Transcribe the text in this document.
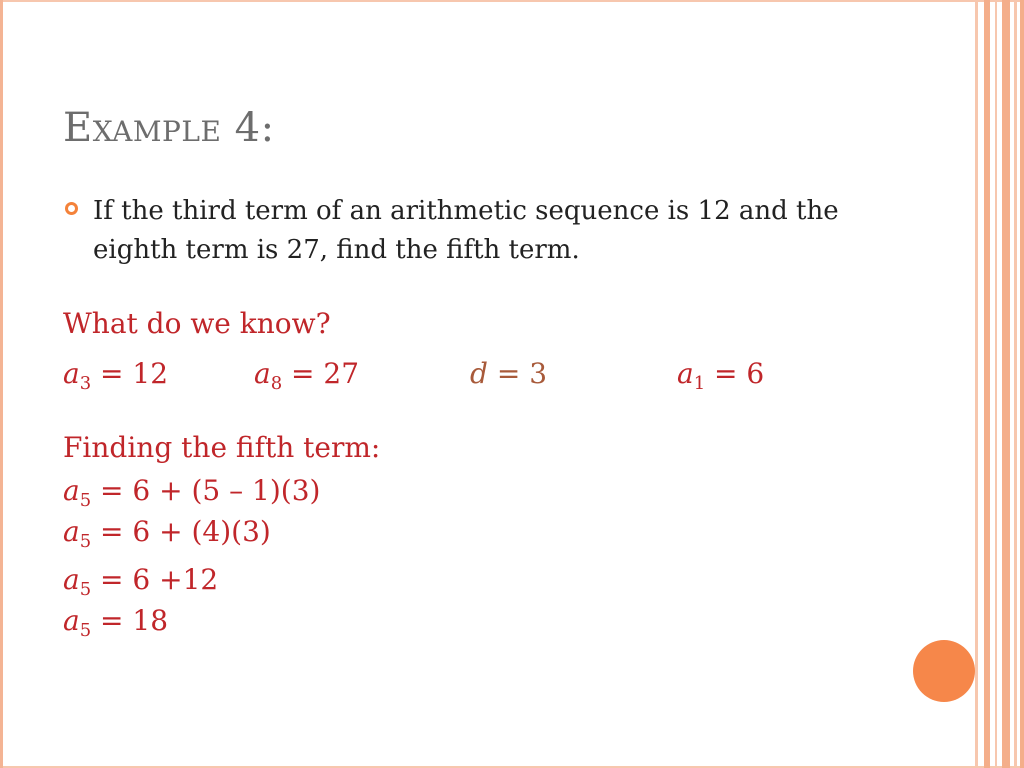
Example 4:
If the third term of an arithmetic sequence is 12 and the eighth term is 27, find the fifth term.
What do we know?
$a_3 = 12$	$a_8 = 27$	d = 3	$a_1 = 6$
Finding the fifth term:
$a_5 = 6 + (5 - 1)(3)$
$a_5 = 6 + (4)(3)$
$a_5 = 6 +12$
$a_5 = 18$
